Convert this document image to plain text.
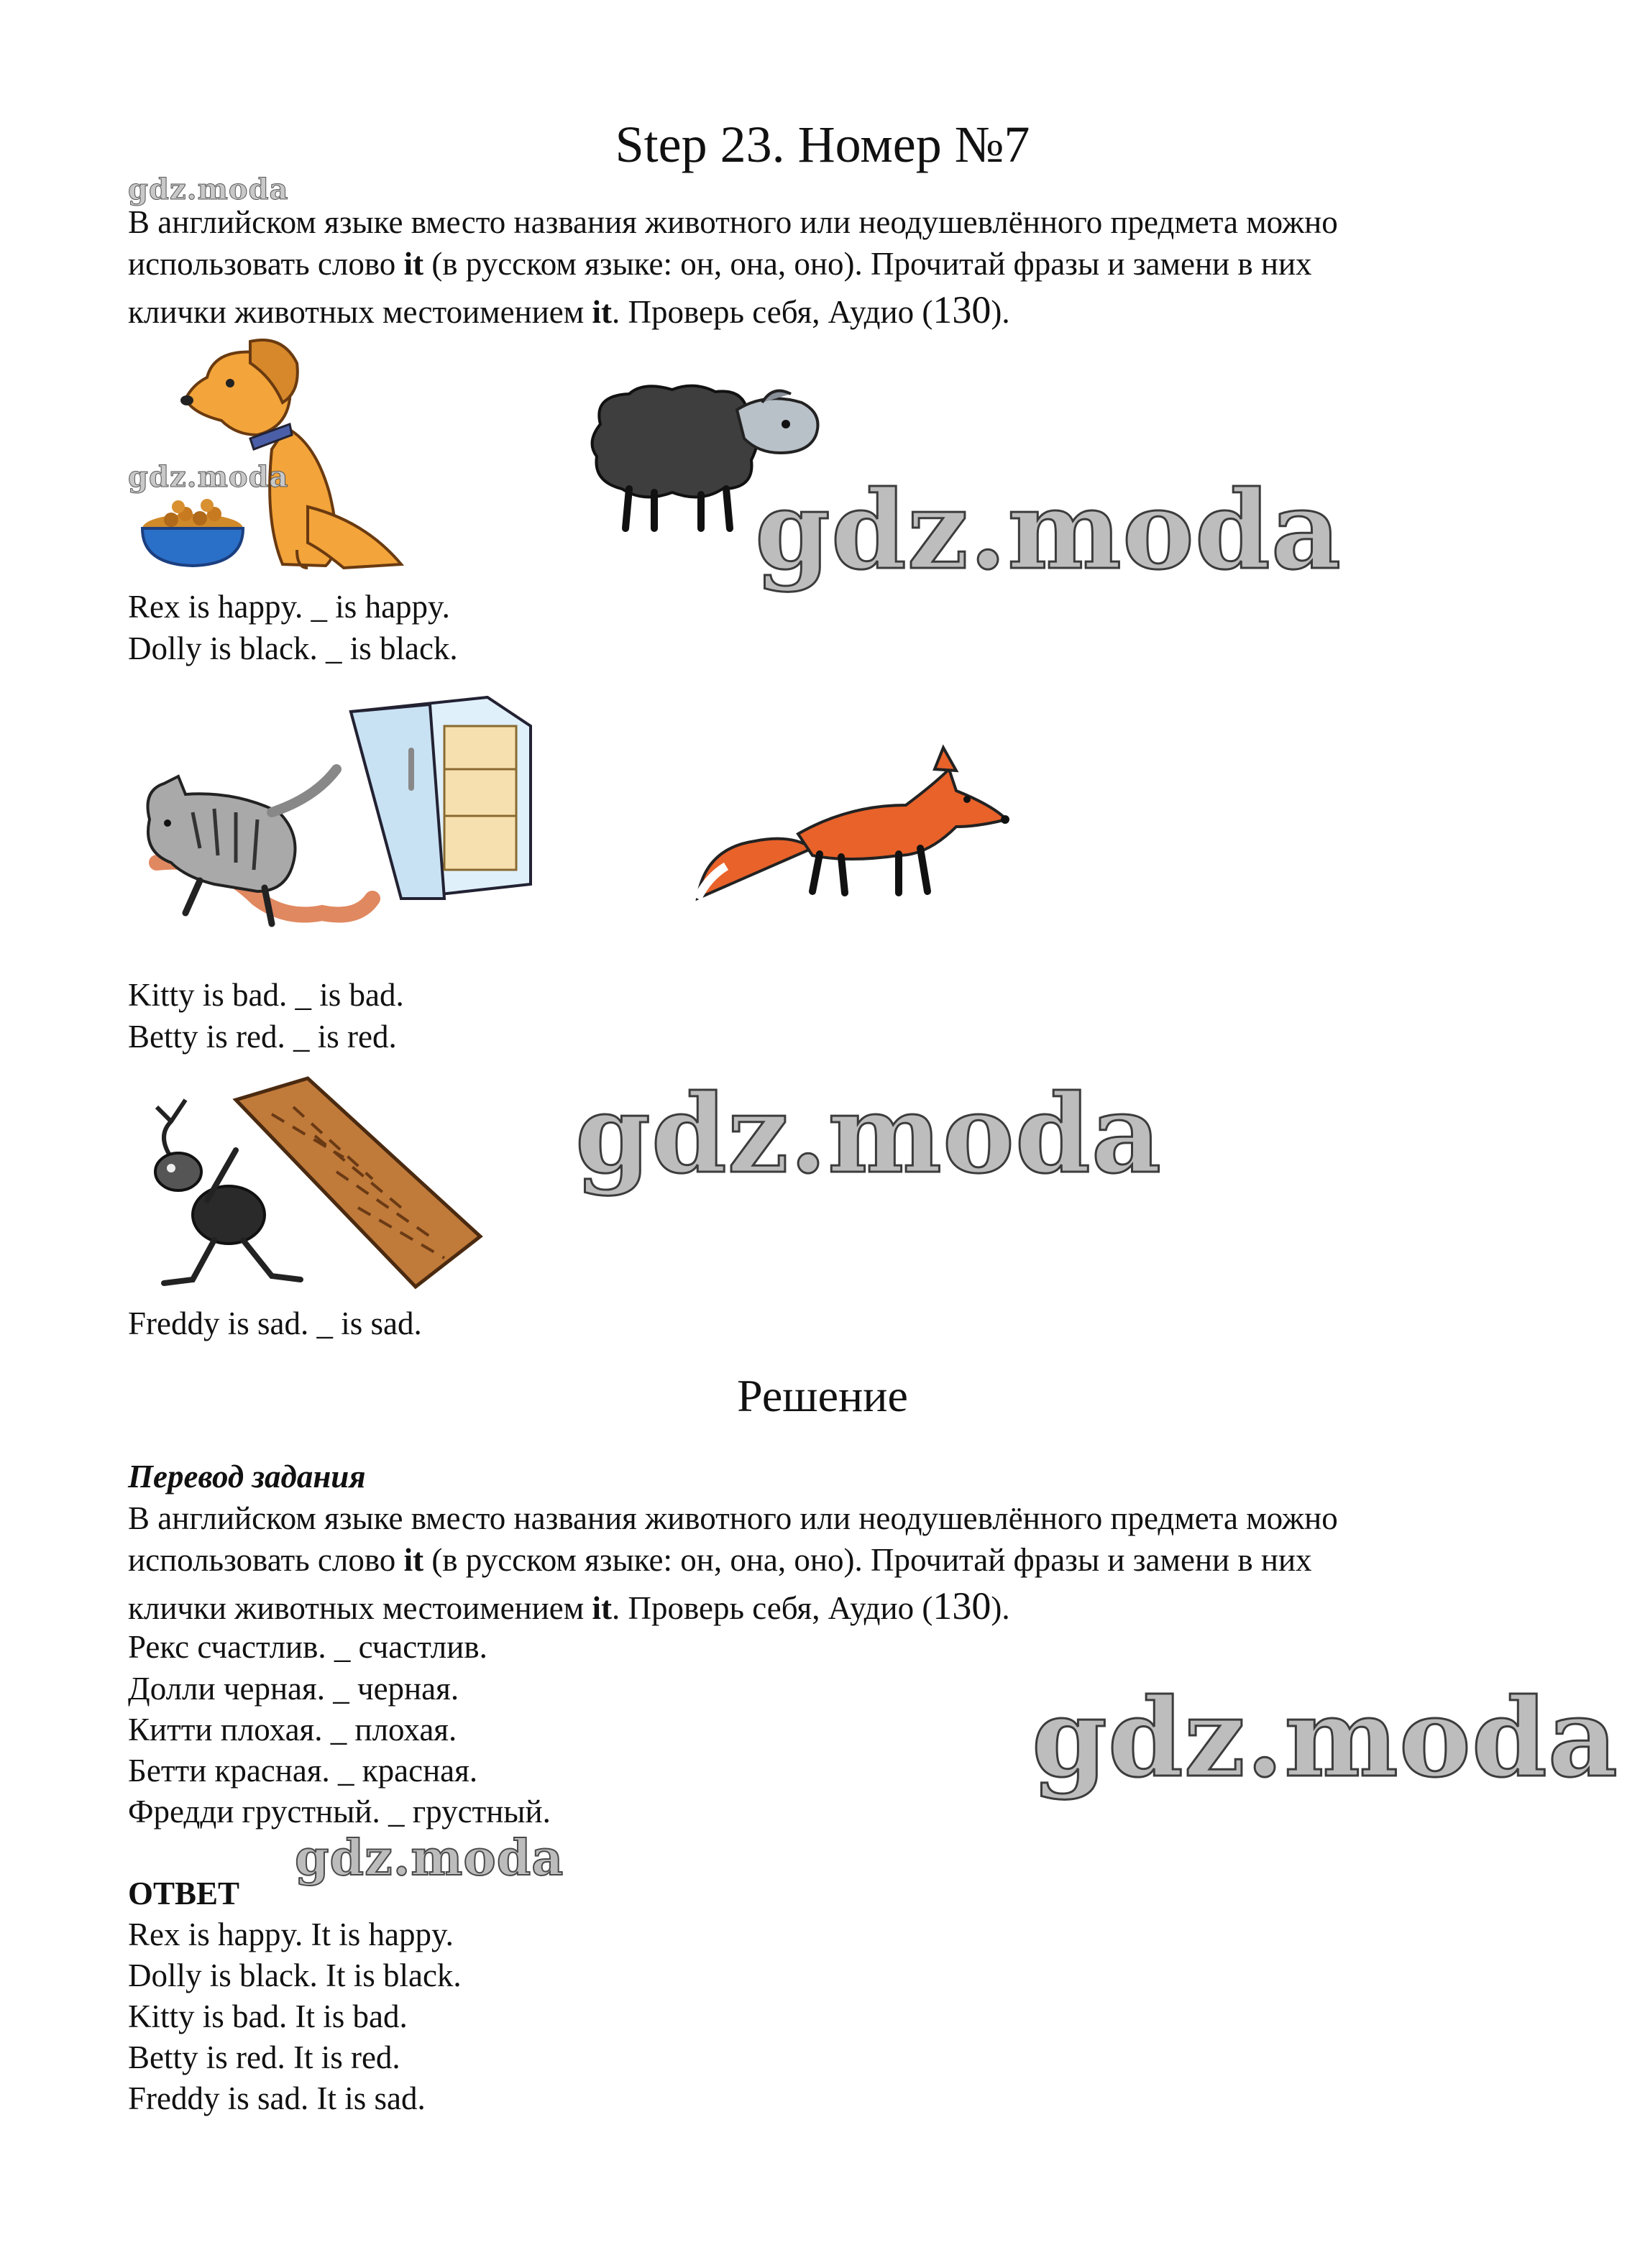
Step 23. Номер №7
gdz.moda
В английском языке вместо названия животного или неодушевлённого предмета можно
использовать слово it (в русском языке: он, она, оно). Прочитай фразы и замени в них
клички животных местоимением it. Проверь себя, Аудио (130).
gdz.moda	gdz.moda
Rex is happy. _ is happy.
Dolly is black. _ is black.
Kitty is bad. _ is bad.
Betty is red. _ is red.
gdz.moda
Freddy is sad. _ is sad.
Решение
Перевод задания
В английском языке вместо названия животного или неодушевлённого предмета можно
использовать слово it (в русском языке: он, она, оно). Прочитай фразы и замени в них
клички животных местоимением it. Проверь себя, Аудио (130).
Рекс счастлив. _ счастлив.
Долли черная. _ черная.
Китти плохая. _ плохая.
Бетти красная. _ красная.
Фредди грустный. _ грустный.
gdz.moda
gdz.moda
ОТВЕТ
Rex is happy. It is happy.
Dolly is black. It is black.
Kitty is bad. It is bad.
Betty is red. It is red.
Freddy is sad. It is sad.
